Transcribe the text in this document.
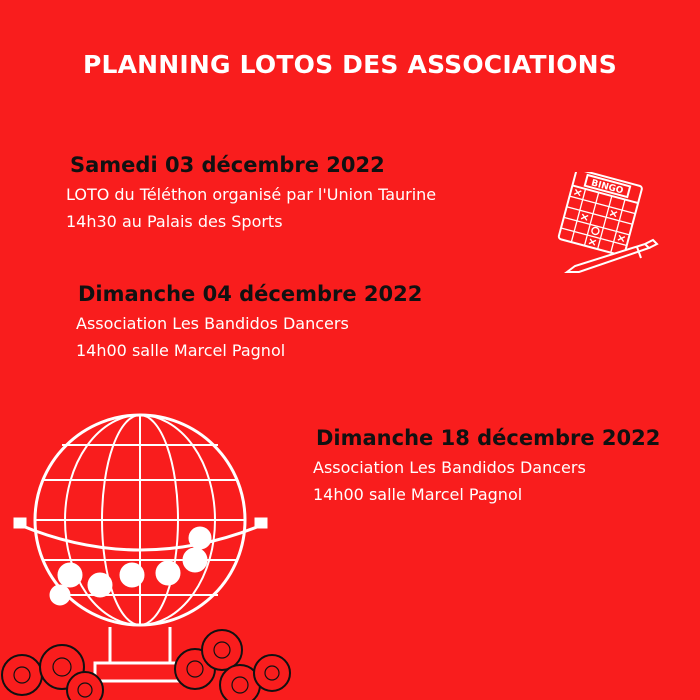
PLANNING LOTOS DES ASSOCIATIONS
Samedi 03 décembre 2022
LOTO du Téléthon organisé par l'Union Taurine
14h30 au Palais des Sports
Dimanche 04 décembre 2022
Association Les Bandidos Dancers
14h00 salle Marcel Pagnol
Dimanche 18 décembre 2022
Association Les Bandidos Dancers
14h00 salle Marcel Pagnol
BINGO
